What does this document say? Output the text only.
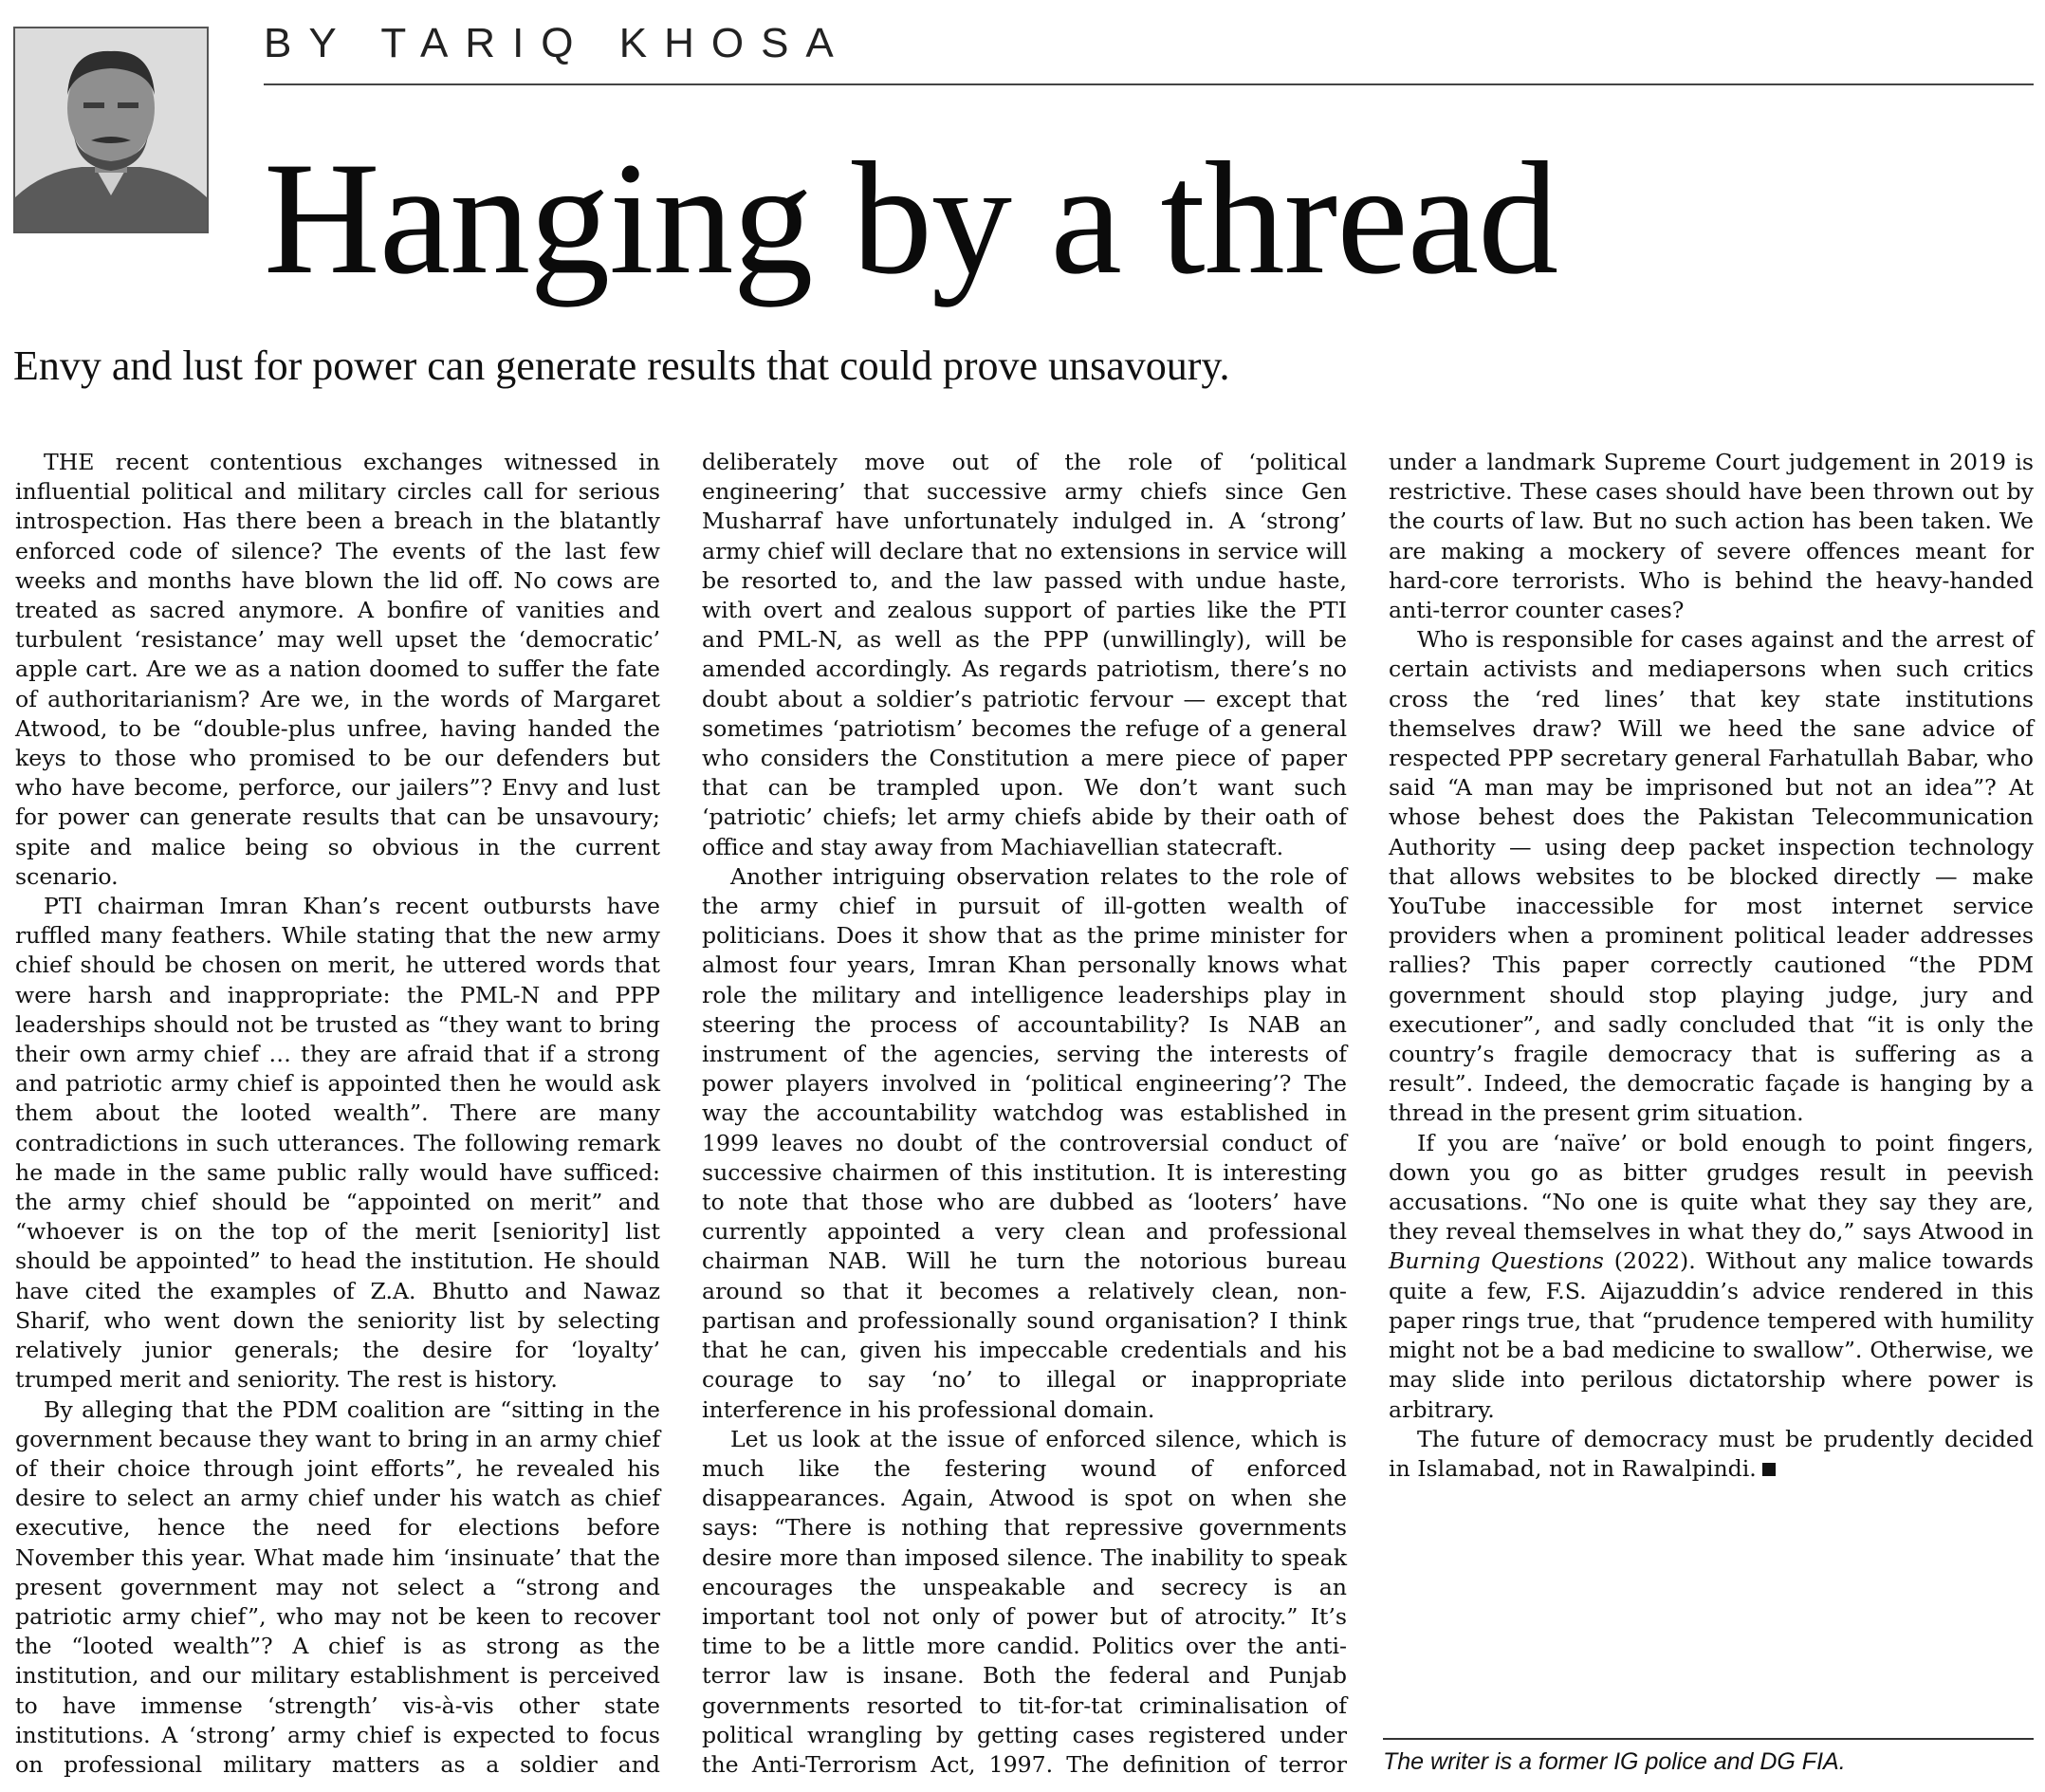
BY TARIQ KHOSA
Hanging by a thread
Envy and lust for power can generate results that could prove unsavoury.

THE recent contentious exchanges witnessed in influential political and military circles call for serious introspection. Has there been a breach in the blatantly enforced code of silence? The events of the last few weeks and months have blown the lid off. No cows are treated as sacred anymore. A bonfire of vanities and turbulent ‘resistance’ may well upset the ‘democratic’ apple cart. Are we as a nation doomed to suffer the fate of authoritarianism? Are we, in the words of Margaret Atwood, to be “double-plus unfree, having handed the keys to those who promised to be our defenders but who have become, perforce, our jailers”? Envy and lust for power can generate results that can be unsavoury; spite and malice being so obvious in the current scenario.

PTI chairman Imran Khan’s recent outbursts have ruffled many feathers. While stating that the new army chief should be chosen on merit, he uttered words that were harsh and inappropriate: the PML-N and PPP leaderships should not be trusted as “they want to bring their own army chief … they are afraid that if a strong and patriotic army chief is appointed then he would ask them about the looted wealth”. There are many contradictions in such utterances. The following remark he made in the same public rally would have sufficed: the army chief should be “appointed on merit” and “whoever is on the top of the merit [seniority] list should be appointed” to head the institution. He should have cited the examples of Z.A. Bhutto and Nawaz Sharif, who went down the seniority list by selecting relatively junior generals; the desire for ‘loyalty’ trumped merit and seniority. The rest is history.

By alleging that the PDM coalition are “sitting in the government because they want to bring in an army chief of their choice through joint efforts”, he revealed his desire to select an army chief under his watch as chief executive, hence the need for elections before November this year. What made him ‘insinuate’ that the present government may not select a “strong and patriotic army chief”, who may not be keen to recover the “looted wealth”? A chief is as strong as the institution, and our military establishment is perceived to have immense ‘strength’ vis-à-vis other state institutions. A ‘strong’ army chief is expected to focus on professional military matters as a soldier and deliberately move out of the role of ‘political engineering’ that successive army chiefs since Gen Musharraf have unfortunately indulged in. A ‘strong’ army chief will declare that no extensions in service will be resorted to, and the law passed with undue haste, with overt and zealous support of parties like the PTI and PML-N, as well as the PPP (unwillingly), will be amended accordingly. As regards patriotism, there’s no doubt about a soldier’s patriotic fervour — except that sometimes ‘patriotism’ becomes the refuge of a general who considers the Constitution a mere piece of paper that can be trampled upon. We don’t want such ‘patriotic’ chiefs; let army chiefs abide by their oath of office and stay away from Machiavellian statecraft.

Another intriguing observation relates to the role of the army chief in pursuit of ill-gotten wealth of politicians. Does it show that as the prime minister for almost four years, Imran Khan personally knows what role the military and intelligence leaderships play in steering the process of accountability? Is NAB an instrument of the agencies, serving the interests of power players involved in ‘political engineering’? The way the accountability watchdog was established in 1999 leaves no doubt of the controversial conduct of successive chairmen of this institution. It is interesting to note that those who are dubbed as ‘looters’ have currently appointed a very clean and professional chairman NAB. Will he turn the notorious bureau around so that it becomes a relatively clean, non-partisan and professionally sound organisation? I think that he can, given his impeccable credentials and his courage to say ‘no’ to illegal or inappropriate interference in his professional domain.

Let us look at the issue of enforced silence, which is much like the festering wound of enforced disappearances. Again, Atwood is spot on when she says: “There is nothing that repressive governments desire more than imposed silence. The inability to speak encourages the unspeakable and secrecy is an important tool not only of power but of atrocity.” It’s time to be a little more candid. Politics over the anti-terror law is insane. Both the federal and Punjab governments resorted to tit-for-tat criminalisation of political wrangling by getting cases registered under the Anti-Terrorism Act, 1997. The definition of terror under a landmark Supreme Court judgement in 2019 is restrictive. These cases should have been thrown out by the courts of law. But no such action has been taken. We are making a mockery of severe offences meant for hard-core terrorists. Who is behind the heavy-handed anti-terror counter cases?

Who is responsible for cases against and the arrest of certain activists and mediapersons when such critics cross the ‘red lines’ that key state institutions themselves draw? Will we heed the sane advice of respected PPP secretary general Farhatullah Babar, who said “A man may be imprisoned but not an idea”? At whose behest does the Pakistan Telecommunication Authority — using deep packet inspection technology that allows websites to be blocked directly — make YouTube inaccessible for most internet service providers when a prominent political leader addresses rallies? This paper correctly cautioned “the PDM government should stop playing judge, jury and executioner”, and sadly concluded that “it is only the country’s fragile democracy that is suffering as a result”. Indeed, the democratic façade is hanging by a thread in the present grim situation.

If you are ‘naïve’ or bold enough to point fingers, down you go as bitter grudges result in peevish accusations. “No one is quite what they say they are, they reveal themselves in what they do,” says Atwood in Burning Questions (2022). Without any malice towards quite a few, F.S. Aijazuddin’s advice rendered in this paper rings true, that “prudence tempered with humility might not be a bad medicine to swallow”. Otherwise, we may slide into perilous dictatorship where power is arbitrary.

The future of democracy must be prudently decided in Islamabad, not in Rawalpindi.

The writer is a former IG police and DG FIA.
